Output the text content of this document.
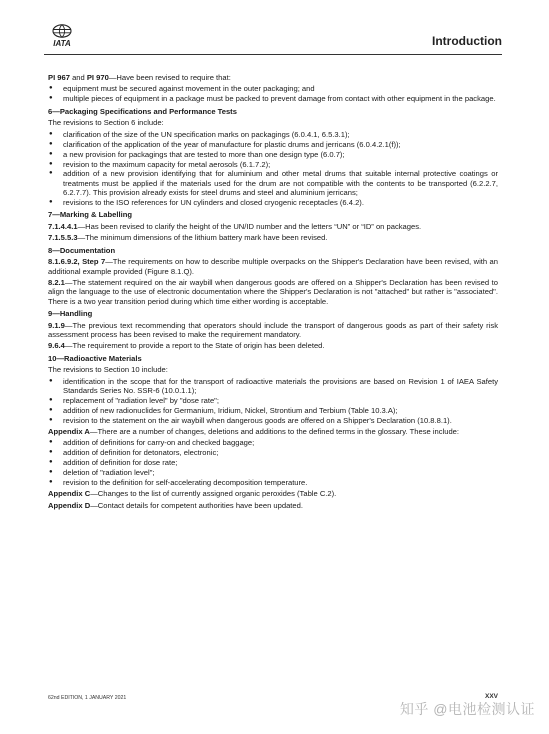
IATA	Introduction

PI 967 and PI 970—Have been revised to require that:

● equipment must be secured against movement in the outer packaging; and
● multiple pieces of equipment in a package must be packed to prevent damage from contact with other equipment in the package.
6—Packaging Specifications and Performance Tests

The revisions to Section 6 include:

● clarification of the size of the UN specification marks on packagings (6.0.4.1, 6.5.3.1);
● clarification of the application of the year of manufacture for plastic drums and jerricans (6.0.4.2.1(f));
● a new provision for packagings that are tested to more than one design type (6.0.7);
● revision to the maximum capacity for metal aerosols (6.1.7.2);
● addition of a new provision identifying that for aluminium and other metal drums that suitable internal protective coatings or treatments must be applied if the materials used for the drum are not compatible with the contents to be transported (6.2.2.7, 6.2.7.7). This provision already exists for steel drums and steel and aluminium jerricans;
● revisions to the ISO references for UN cylinders and closed cryogenic receptacles (6.4.2).
7—Marking & Labelling

7.1.4.4.1—Has been revised to clarify the height of the UN/ID number and the letters “UN” or “ID” on packages.

7.1.5.5.3—The minimum dimensions of the lithium battery mark have been revised.

8—Documentation

8.1.6.9.2, Step 7—The requirements on how to describe multiple overpacks on the Shipper's Declaration have been revised, with an additional example provided (Figure 8.1.Q).

8.2.1—The statement required on the air waybill when dangerous goods are offered on a Shipper's Declaration has been revised to align the language to the use of electronic documentation where the Shipper's Declaration is not "attached" but rather is "associated". There is a two year transition period during which time either wording is acceptable.

9—Handling

9.1.9—The previous text recommending that operators should include the transport of dangerous goods as part of their safety risk assessment process has been revised to make the requirement mandatory.

9.6.4—The requirement to provide a report to the State of origin has been deleted.

10—Radioactive Materials

The revisions to Section 10 include:

● identification in the scope that for the transport of radioactive materials the provisions are based on Revision 1 of IAEA Safety Standards Series No. SSR-6 (10.0.1.1);
● replacement of "radiation level" by "dose rate";
● addition of new radionuclides for Germanium, Iridium, Nickel, Strontium and Terbium (Table 10.3.A);
● revision to the statement on the air waybill when dangerous goods are offered on a Shipper's Declaration (10.8.8.1).

Appendix A—There are a number of changes, deletions and additions to the defined terms in the glossary. These include:

● addition of definitions for carry-on and checked baggage;
● addition of definition for detonators, electronic;
● addition of definition for dose rate;
● deletion of "radiation level";
● revision to the definition for self-accelerating decomposition temperature.

Appendix C—Changes to the list of currently assigned organic peroxides (Table C.2).

Appendix D—Contact details for competent authorities have been updated.

62nd EDITION, 1 JANUARY 2021	XXV
知乎 @电池检测认证
